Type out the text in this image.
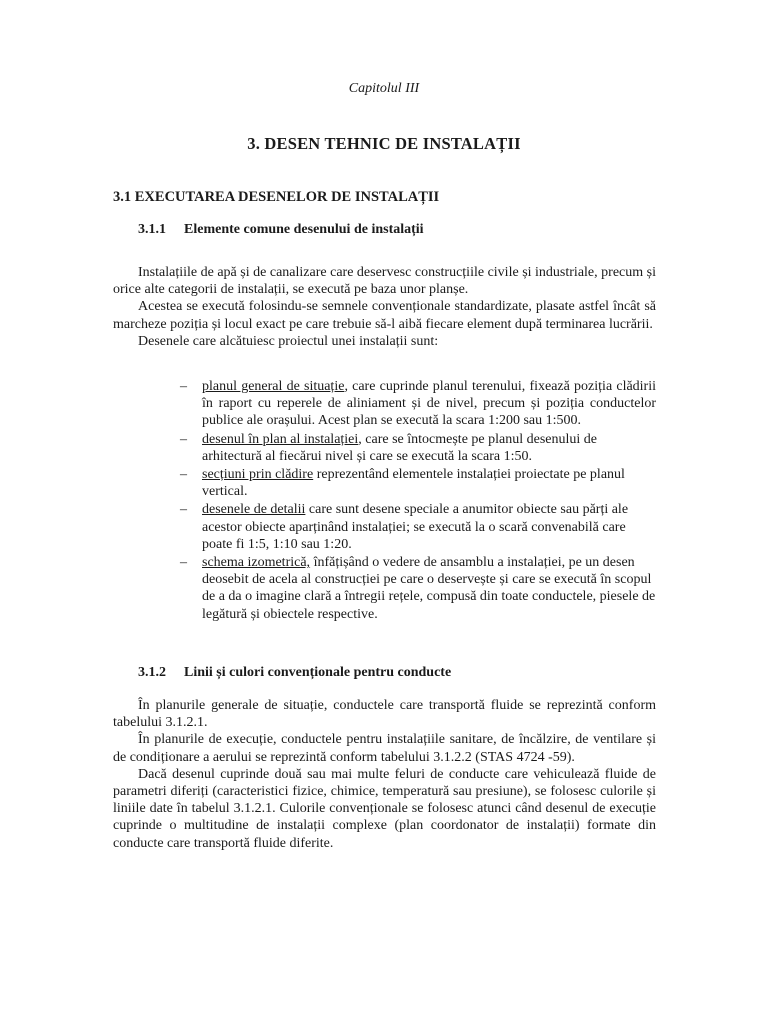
Capitolul III
3. DESEN TEHNIC DE INSTALAȚII
3.1 EXECUTAREA DESENELOR DE INSTALAȚII
3.1.1 Elemente comune desenului de instalații

Instalațiile de apă și de canalizare care deservesc construcțiile civile și industriale, precum și orice alte categorii de instalații, se execută pe baza unor planșe.

Acestea se execută folosindu-se semnele convenționale standardizate, plasate astfel încât să marcheze poziția și locul exact pe care trebuie să-l aibă fiecare element după terminarea lucrării.

Desenele care alcătuiesc proiectul unei instalații sunt:

– planul general de situație, care cuprinde planul terenului, fixează poziția clădirii în raport cu reperele de aliniament și de nivel, precum și poziția conductelor publice ale orașului. Acest plan se execută la scara 1:200 sau 1:500.
– desenul în plan al instalației, care se întocmește pe planul desenului de arhitectură al fiecărui nivel și care se execută la scara 1:50.
– secțiuni prin clădire reprezentând elementele instalației proiectate pe planul vertical.
– desenele de detalii care sunt desene speciale a anumitor obiecte sau părți ale acestor obiecte aparținând instalației; se execută la o scară convenabilă care poate fi 1:5, 1:10 sau 1:20.
– schema izometrică, înfățișând o vedere de ansamblu a instalației, pe un desen deosebit de acela al construcției pe care o deservește și care se execută în scopul de a da o imagine clară a întregii rețele, compusă din toate conductele, piesele de legătură și obiectele respective.
3.1.2 Linii și culori convenționale pentru conducte

În planurile generale de situație, conductele care transportă fluide se reprezintă conform tabelului 3.1.2.1.

În planurile de execuție, conductele pentru instalațiile sanitare, de încălzire, de ventilare și de condiționare a aerului se reprezintă conform tabelului 3.1.2.2 (STAS 4724 -59).

Dacă desenul cuprinde două sau mai multe feluri de conducte care vehiculează fluide de parametri diferiți (caracteristici fizice, chimice, temperatură sau presiune), se folosesc culorile și liniile date în tabelul 3.1.2.1. Culorile convenționale se folosesc atunci când desenul de execuție cuprinde o multitudine de instalații complexe (plan coordonator de instalații) formate din conducte care transportă fluide diferite.
